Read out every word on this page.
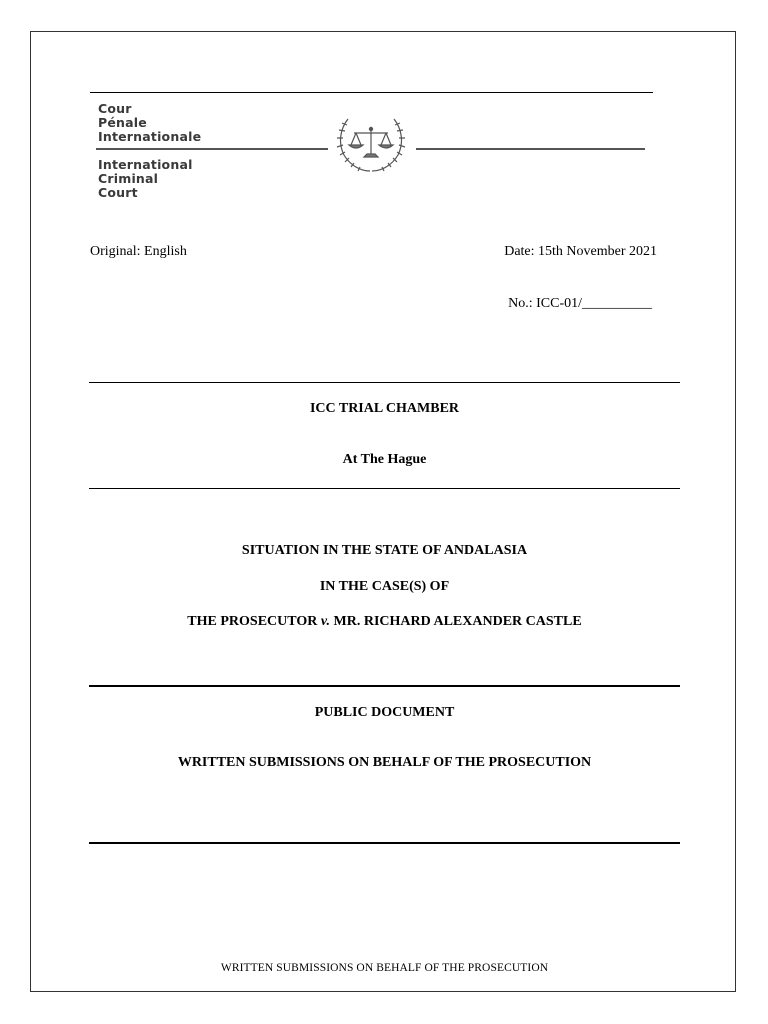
Cour
Pénale
Internationale
International
Criminal
Court
Original: English	Date: 15th November 2021
No.: ICC-01/__________
ICC TRIAL CHAMBER
At The Hague
SITUATION IN THE STATE OF ANDALASIA
IN THE CASE(S) OF
THE PROSECUTOR v. MR. RICHARD ALEXANDER CASTLE
PUBLIC DOCUMENT
WRITTEN SUBMISSIONS ON BEHALF OF THE PROSECUTION
WRITTEN SUBMISSIONS ON BEHALF OF THE PROSECUTION
